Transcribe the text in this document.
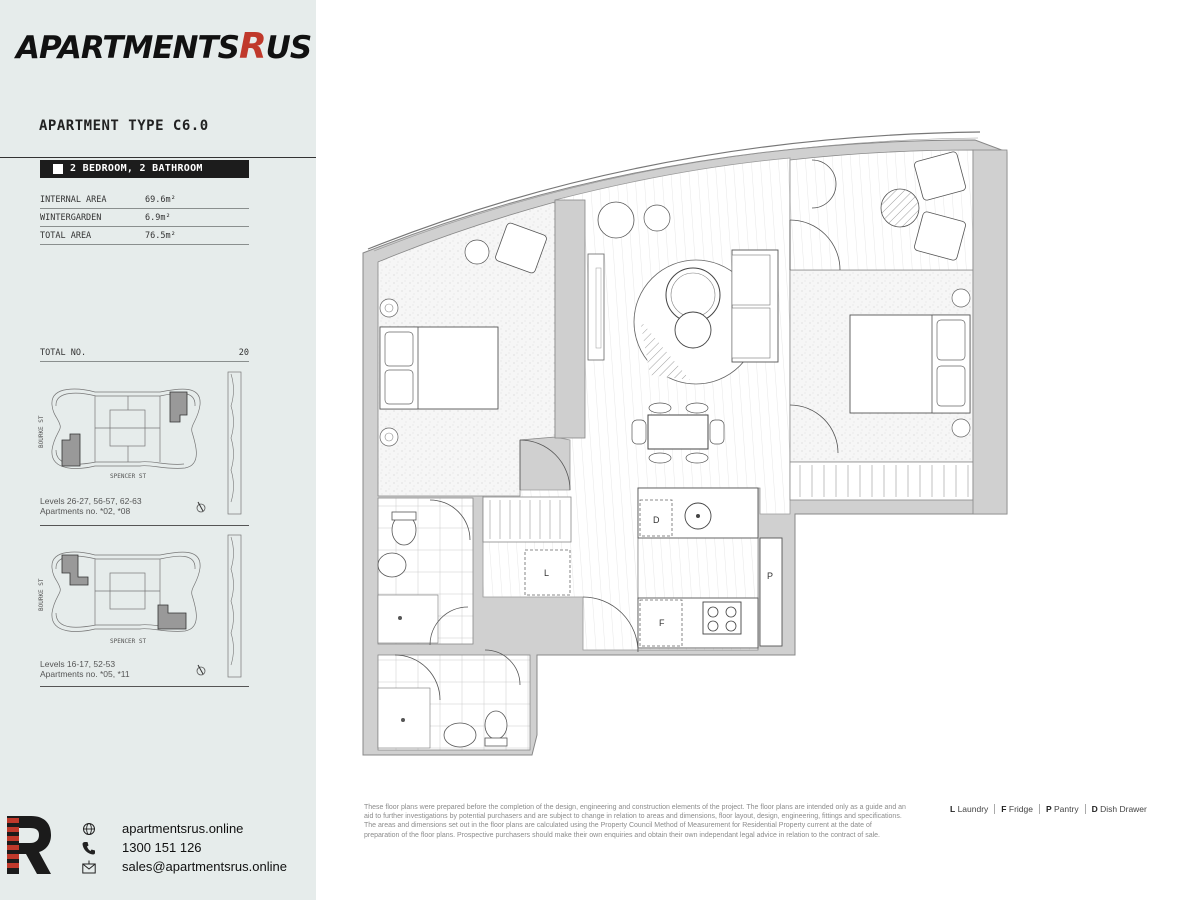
APARTMENTSRUS
APARTMENT TYPE C6.0
2 BEDROOM, 2 BATHROOM
INTERNAL AREA	69.6m²
WINTERGARDEN	6.9m²
TOTAL AREA	76.5m²
TOTAL NO.	20
BOURKE ST
SPENCER ST
Levels 26-27, 56-57, 62-63
Apartments no. *02, *08
BOURKE ST
SPENCER ST
Levels 16-17, 52-53
Apartments no. *05, *11
apartmentsrus.online
1300 151 126
sales@apartmentsrus.online
L
D
F
P
These floor plans were prepared before the completion of the design, engineering and construction elements of the project. The floor plans are intended only as a guide and an aid to further investigations by potential purchasers and are subject to change in relation to areas and dimensions, floor layout, design, engineering, fittings and specifications. The areas and dimensions set out in the floor plans are calculated using the Property Council Method of Measurement for Residential Property current at the date of preparation of the floor plans. Prospective purchasers should make their own enquiries and obtain their own independant legal advice in relation to the contract of sale.
L Laundry F Fridge P Pantry D Dish Drawer
